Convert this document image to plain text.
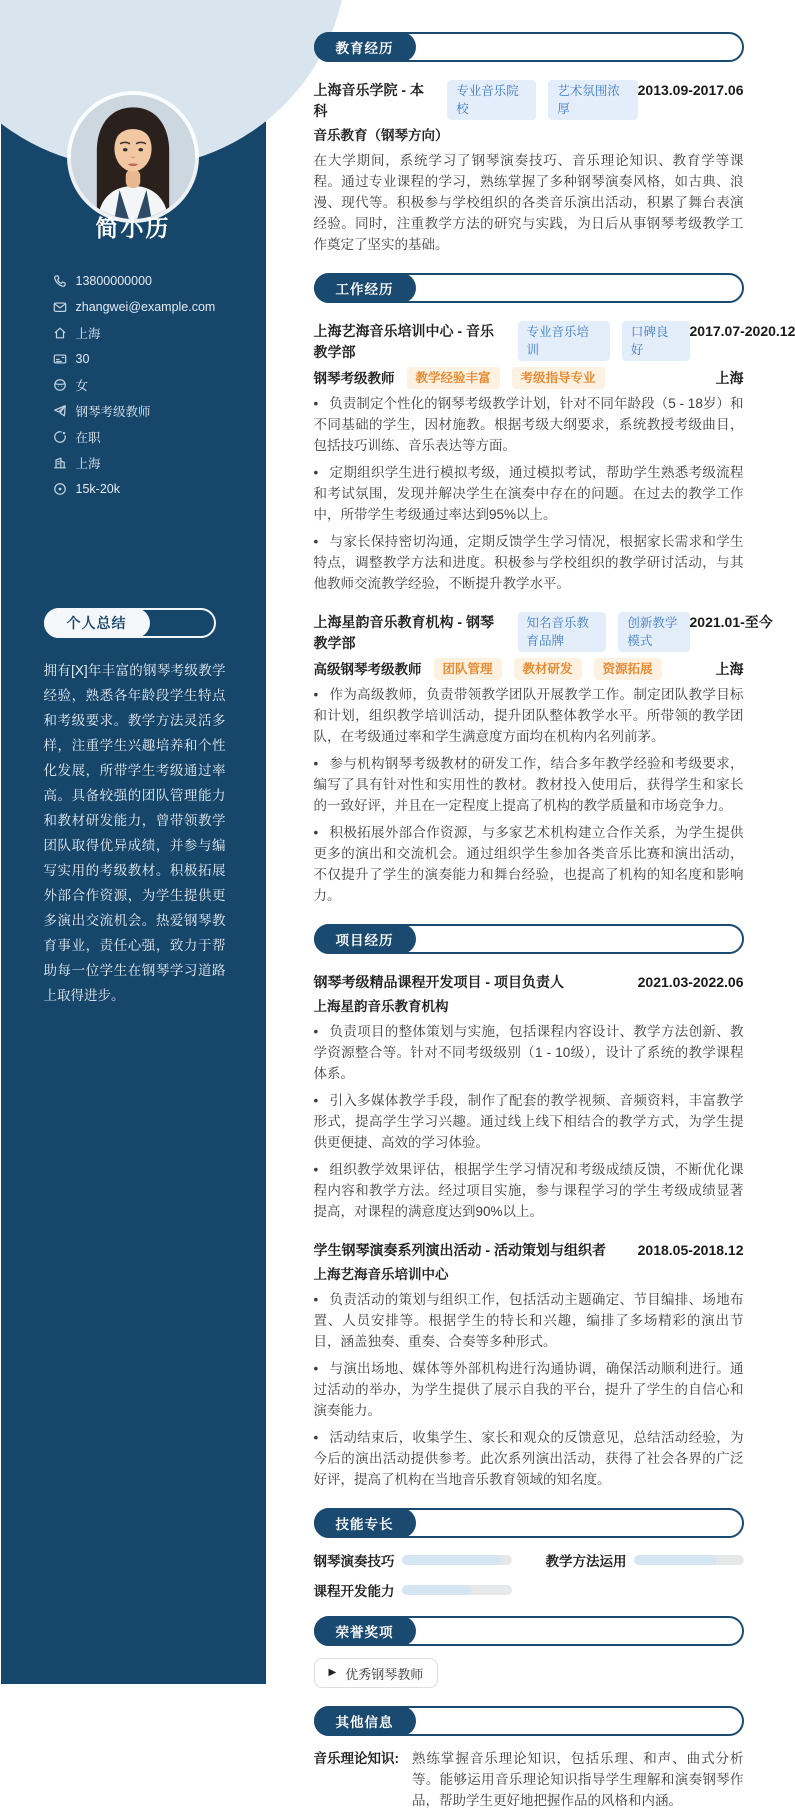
简小历
13800000000
zhangwei@example.com
上海
30
女
钢琴考级教师
在职
上海
15k-20k
个人总结

拥有[X]年丰富的钢琴考级教学经验，熟悉各年龄段学生特点和考级要求。教学方法灵活多样，注重学生兴趣培养和个性化发展，所带学生考级通过率高。具备较强的团队管理能力和教材研发能力，曾带领教学团队取得优异成绩，并参与编写实用的考级教材。积极拓展外部合作资源，为学生提供更多演出交流机会。热爱钢琴教育事业，责任心强，致力于帮助每一位学生在钢琴学习道路上取得进步。

教育经历
上海音乐学院 - 本科
专业音乐院校
艺术氛围浓厚
2013.09-2017.06
音乐教育（钢琴方向）

在大学期间，系统学习了钢琴演奏技巧、音乐理论知识、教育学等课程。通过专业课程的学习，熟练掌握了多种钢琴演奏风格，如古典、浪漫、现代等。积极参与学校组织的各类音乐演出活动，积累了舞台表演经验。同时，注重教学方法的研究与实践，为日后从事钢琴考级教学工作奠定了坚实的基础。

工作经历
上海艺海音乐培训中心 - 音乐教学部
专业音乐培训
口碑良好
2017.07-2020.12
钢琴考级教师	教学经验丰富	考级指导专业	上海

• 负责制定个性化的钢琴考级教学计划，针对不同年龄段（5 - 18岁）和不同基础的学生，因材施教。根据考级大纲要求，系统教授考级曲目，包括技巧训练、音乐表达等方面。

• 定期组织学生进行模拟考级，通过模拟考试，帮助学生熟悉考级流程和考试氛围，发现并解决学生在演奏中存在的问题。在过去的教学工作中，所带学生考级通过率达到95%以上。

• 与家长保持密切沟通，定期反馈学生学习情况，根据家长需求和学生特点，调整教学方法和进度。积极参与学校组织的教学研讨活动，与其他教师交流教学经验，不断提升教学水平。

上海星韵音乐教育机构 - 钢琴教学部
知名音乐教育品牌
创新教学模式
2021.01-至今
高级钢琴考级教师	团队管理	教材研发	资源拓展	上海

• 作为高级教师，负责带领教学团队开展教学工作。制定团队教学目标和计划，组织教学培训活动，提升团队整体教学水平。所带领的教学团队，在考级通过率和学生满意度方面均在机构内名列前茅。

• 参与机构钢琴考级教材的研发工作，结合多年教学经验和考级要求，编写了具有针对性和实用性的教材。教材投入使用后，获得学生和家长的一致好评，并且在一定程度上提高了机构的教学质量和市场竞争力。

• 积极拓展外部合作资源，与多家艺术机构建立合作关系，为学生提供更多的演出和交流机会。通过组织学生参加各类音乐比赛和演出活动，不仅提升了学生的演奏能力和舞台经验，也提高了机构的知名度和影响力。

项目经历
钢琴考级精品课程开发项目 - 项目负责人	2021.03-2022.06
上海星韵音乐教育机构

• 负责项目的整体策划与实施，包括课程内容设计、教学方法创新、教学资源整合等。针对不同考级级别（1 - 10级），设计了系统的教学课程体系。

• 引入多媒体教学手段，制作了配套的教学视频、音频资料，丰富教学形式，提高学生学习兴趣。通过线上线下相结合的教学方式，为学生提供更便捷、高效的学习体验。

• 组织教学效果评估，根据学生学习情况和考级成绩反馈，不断优化课程内容和教学方法。经过项目实施，参与课程学习的学生考级成绩显著提高，对课程的满意度达到90%以上。

学生钢琴演奏系列演出活动 - 活动策划与组织者 2018.05-2018.12
上海艺海音乐培训中心

• 负责活动的策划与组织工作，包括活动主题确定、节目编排、场地布置、人员安排等。根据学生的特长和兴趣，编排了多场精彩的演出节目，涵盖独奏、重奏、合奏等多种形式。

• 与演出场地、媒体等外部机构进行沟通协调，确保活动顺利进行。通过活动的举办，为学生提供了展示自我的平台，提升了学生的自信心和演奏能力。

• 活动结束后，收集学生、家长和观众的反馈意见，总结活动经验，为今后的演出活动提供参考。此次系列演出活动，获得了社会各界的广泛好评，提高了机构在当地音乐教育领域的知名度。

技能专长
钢琴演奏技巧	教学方法运用
课程开发能力
荣誉奖项
▶ 优秀钢琴教师
其他信息
音乐理论知识: 熟练掌握音乐理论知识，包括乐理、和声、曲式分析等。能够运用音乐理论知识指导学生理解和演奏钢琴作品，帮助学生更好地把握作品的风格和内涵。
